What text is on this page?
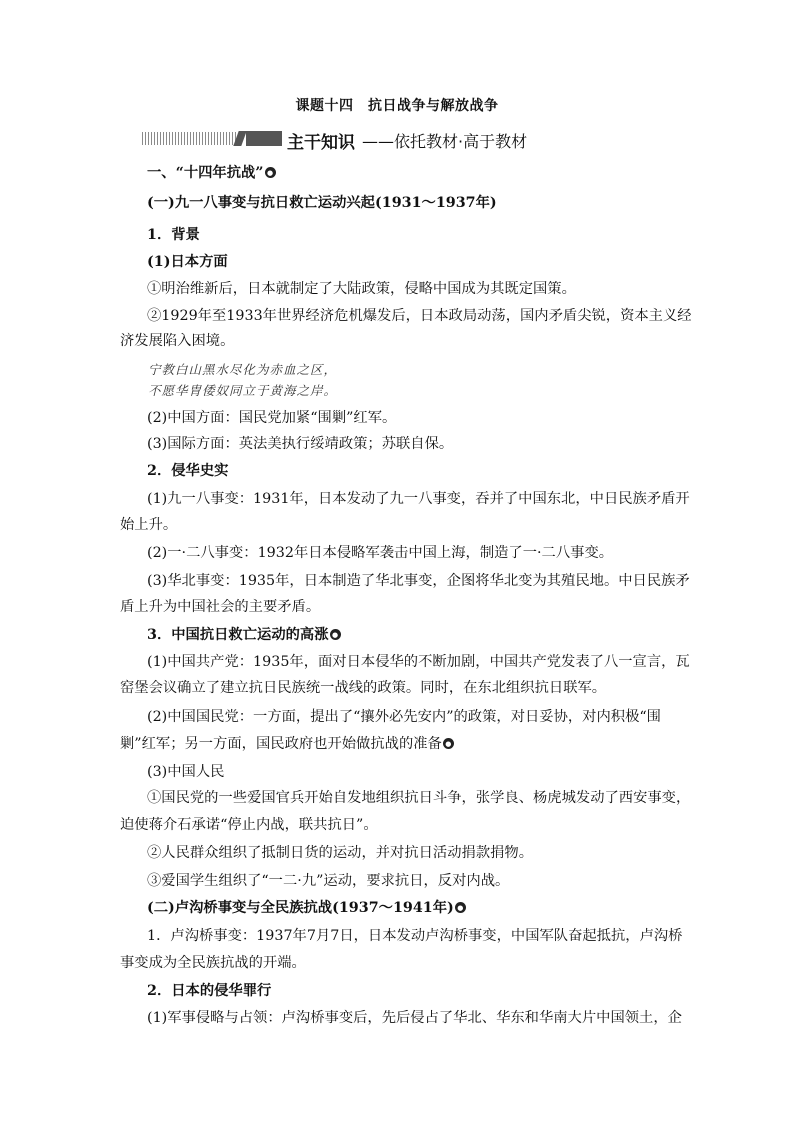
课题十四　抗日战争与解放战争
主干知识 ——依托教材·高于教材
一、“十四年抗战” ●
(一)九一八事变与抗日救亡运动兴起(1931～1937年)
1．背景
(1)日本方面
①明治维新后，日本就制定了大陆政策，侵略中国成为其既定国策。
②1929年至1933年世界经济危机爆发后，日本政局动荡，国内矛盾尖锐，资本主义经
济发展陷入困境。
(2)中国方面：国民党加紧“围剿”红军。
(3)国际方面：英法美执行绥靖政策；苏联自保。
2．侵华史实
(1)九一八事变：1931年，日本发动了九一八事变，吞并了中国东北，中日民族矛盾开
始上升。
(2)一·二八事变：1932年日本侵略军袭击中国上海，制造了一·二八事变。
(3)华北事变：1935年，日本制造了华北事变，企图将华北变为其殖民地。中日民族矛
盾上升为中国社会的主要矛盾。
3．中国抗日救亡运动的高涨 ●
(1)中国共产党：1935年，面对日本侵华的不断加剧，中国共产党发表了八一宣言，瓦
窑堡会议确立了建立抗日民族统一战线的政策。同时，在东北组织抗日联军。
(2)中国国民党：一方面，提出了“攘外必先安内”的政策，对日妥协，对内积极“围
剿”红军；另一方面，国民政府也开始做抗战的准备 ●
(3)中国人民
①国民党的一些爱国官兵开始自发地组织抗日斗争，张学良、杨虎城发动了西安事变，
迫使蒋介石承诺“停止内战，联共抗日”。
②人民群众组织了抵制日货的运动，并对抗日活动捐款捐物。
③爱国学生组织了“一二·九”运动，要求抗日，反对内战。
(二)卢沟桥事变与全民族抗战(1937～1941年) ●
1．卢沟桥事变：1937年7月7日，日本发动卢沟桥事变，中国军队奋起抵抗，卢沟桥
事变成为全民族抗战的开端。
2．日本的侵华罪行
(1)军事侵略与占领：卢沟桥事变后，先后侵占了华北、华东和华南大片中国领土，企
宁教白山黑水尽化为赤血之区，
不愿华胄倭奴同立于黄海之岸。
